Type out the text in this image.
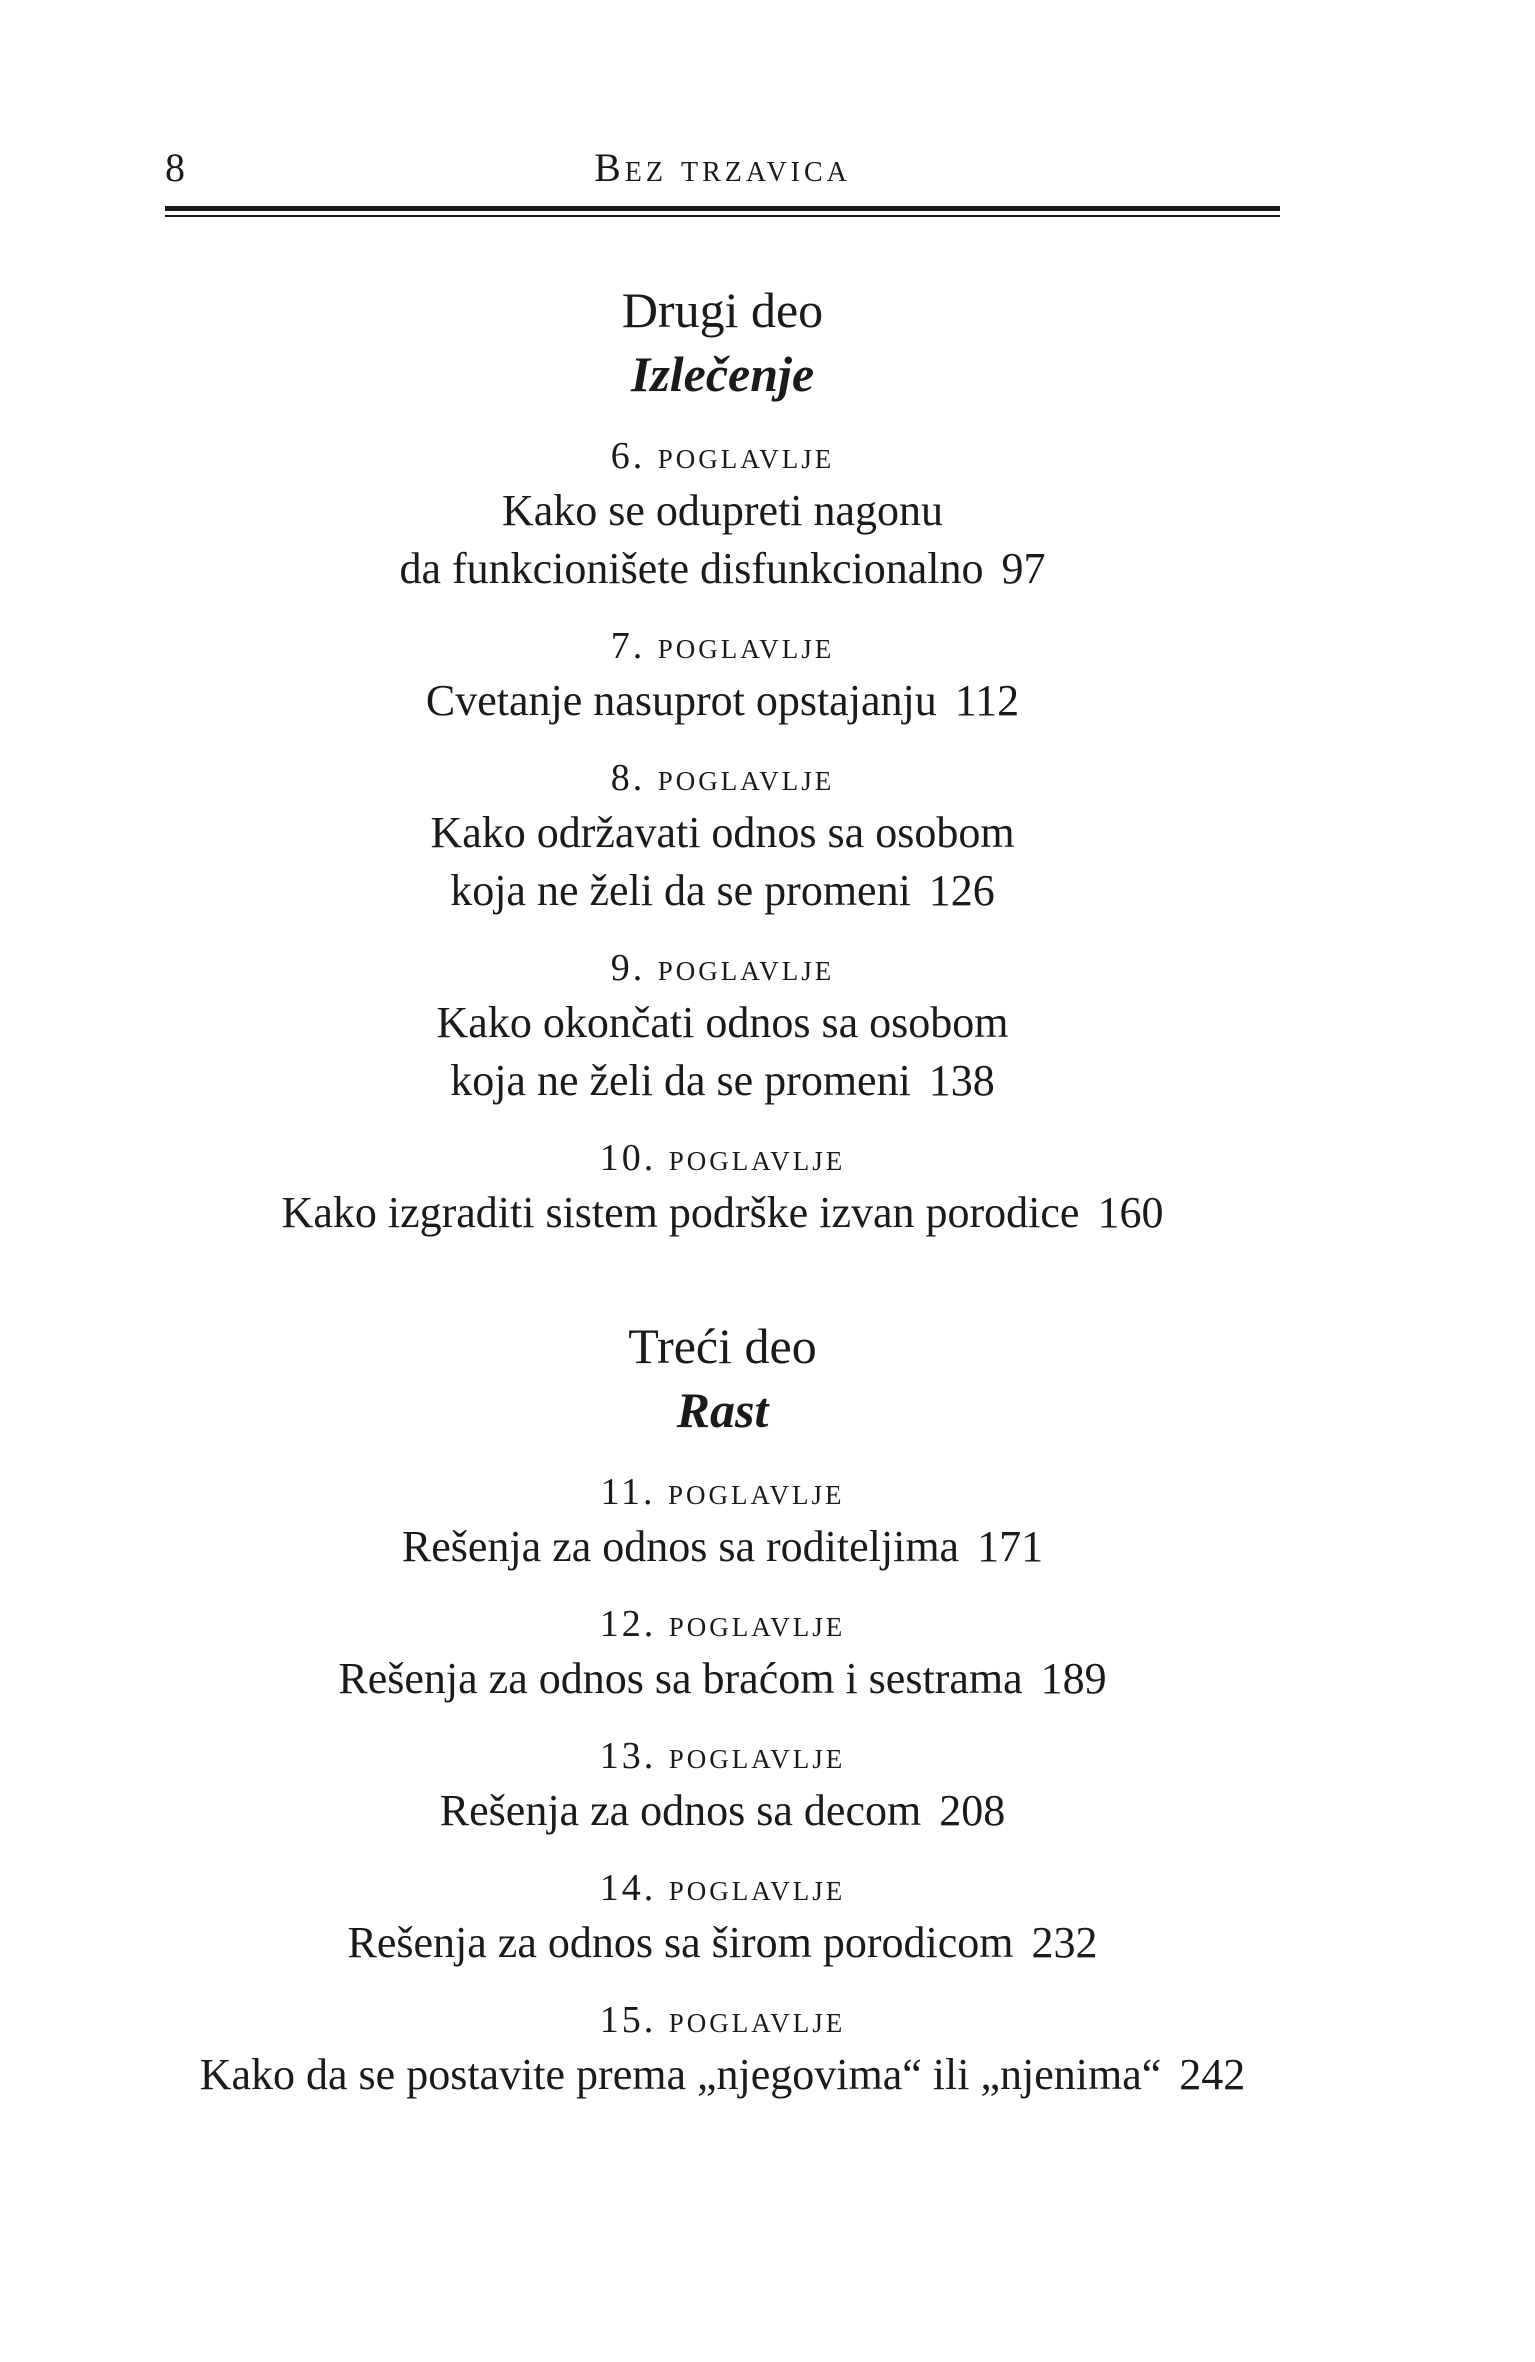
8	Bez trzavica
Drugi deo
Izlečenje
6. poglavlje
Kako se odupreti nagonu
da funkcionišete disfunkcionalno 97
7. poglavlje
Cvetanje nasuprot opstajanju 112
8. poglavlje
Kako održavati odnos sa osobom
koja ne želi da se promeni 126
9. poglavlje
Kako okončati odnos sa osobom
koja ne želi da se promeni 138
10. poglavlje
Kako izgraditi sistem podrške izvan porodice 160
Treći deo
Rast
11. poglavlje
Rešenja za odnos sa roditeljima 171
12. poglavlje
Rešenja za odnos sa braćom i sestrama 189
13. poglavlje
Rešenja za odnos sa decom 208
14. poglavlje
Rešenja za odnos sa širom porodicom 232
15. poglavlje
Kako da se postavite prema „njegovima“ ili „njenima“ 242
